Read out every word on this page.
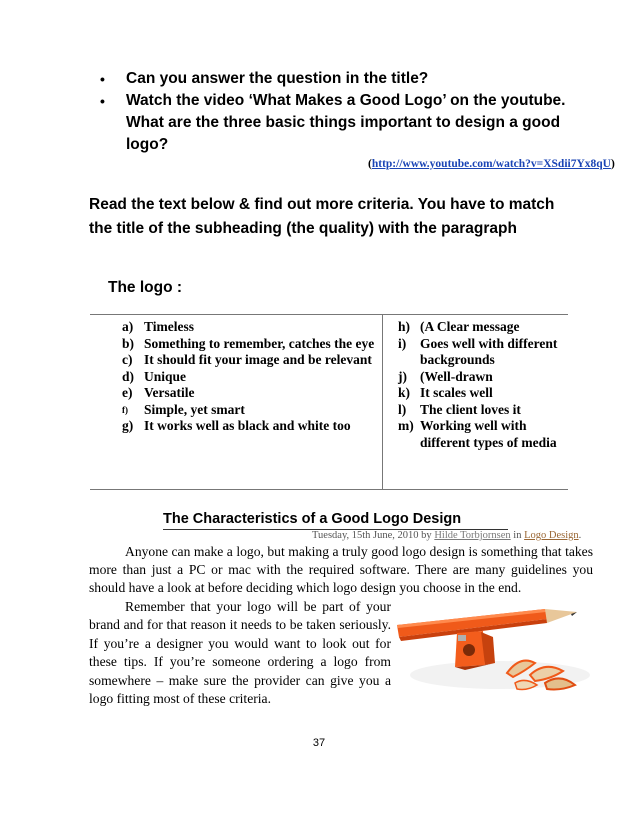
• Can you answer the question in the title?
• Watch the video ‘What Makes a Good Logo’ on the youtube. What are the three basic things important to design a good logo?
(http://www.youtube.com/watch?v=XSdii7Yx8qU)
Read the text below & find out more criteria. You have to match the title of the subheading (the quality) with the paragraph
The logo :
a) Timeless
b) Something to remember, catches the eye
c) It should fit your image and be relevant
d) Unique
e) Versatile
f) Simple, yet smart
g) It works well as black and white too
h) (A Clear message
i) Goes well with different backgrounds
j) (Well-drawn
k) It scales well
l) The client loves it
m) Working well with different types of media
The Characteristics of a Good Logo Design
Tuesday, 15th June, 2010 by Hilde Torbjornsen in Logo Design.
Anyone can make a logo, but making a truly good logo design is something that takes more than just a PC or mac with the required software. There are many guidelines you should have a look at before deciding which logo design you choose in the end.
Remember that your logo will be part of your brand and for that reason it needs to be taken seriously. If you’re a designer you would want to look out for these tips. If you’re someone ordering a logo from somewhere – make sure the provider can give you a logo fitting most of these criteria.
37
